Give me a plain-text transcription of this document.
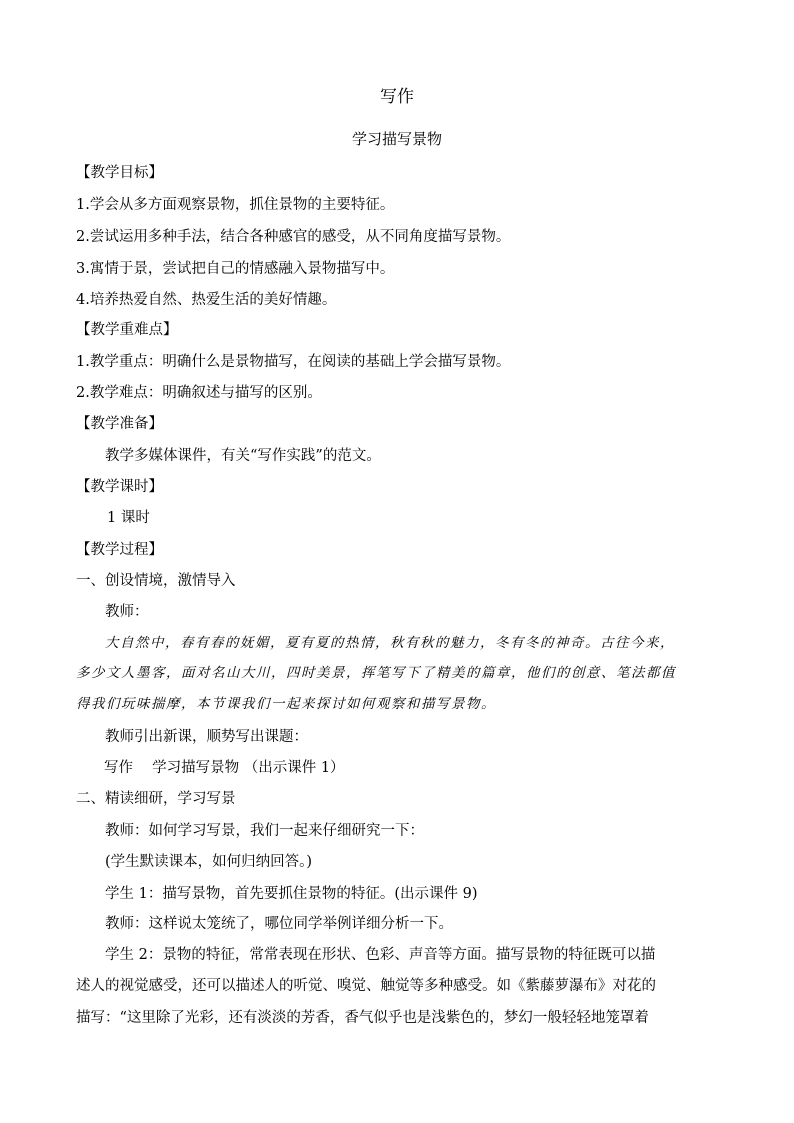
写作
学习描写景物
【教学目标】
1.学会从多方面观察景物，抓住景物的主要特征。
2.尝试运用多种手法，结合各种感官的感受，从不同角度描写景物。
3.寓情于景，尝试把自己的情感融入景物描写中。
4.培养热爱自然、热爱生活的美好情趣。
【教学重难点】
1.教学重点：明确什么是景物描写，在阅读的基础上学会描写景物。
2.教学难点：明确叙述与描写的区别。
【教学准备】
教学多媒体课件，有关“写作实践”的范文。
【教学课时】
1 课时
【教学过程】
一、创设情境，激情导入
教师：
大自然中，春有春的妩媚，夏有夏的热情，秋有秋的魅力，冬有冬的神奇。古往今来，
多少文人墨客，面对名山大川，四时美景，挥笔写下了精美的篇章，他们的创意、笔法都值
得我们玩味揣摩，本节课我们一起来探讨如何观察和描写景物。
教师引出新课，顺势写出课题：
写作　 学习描写景物 （出示课件 1）
二、精读细研，学习写景
教师：如何学习写景，我们一起来仔细研究一下：
(学生默读课本，如何归纳回答。)
学生 1：描写景物，首先要抓住景物的特征。(出示课件 9)
教师：这样说太笼统了，哪位同学举例详细分析一下。
学生 2：景物的特征，常常表现在形状、色彩、声音等方面。描写景物的特征既可以描
述人的视觉感受，还可以描述人的听觉、嗅觉、触觉等多种感受。如《紫藤萝瀑布》对花的
描写：“这里除了光彩，还有淡淡的芳香，香气似乎也是浅紫色的，梦幻一般轻轻地笼罩着
